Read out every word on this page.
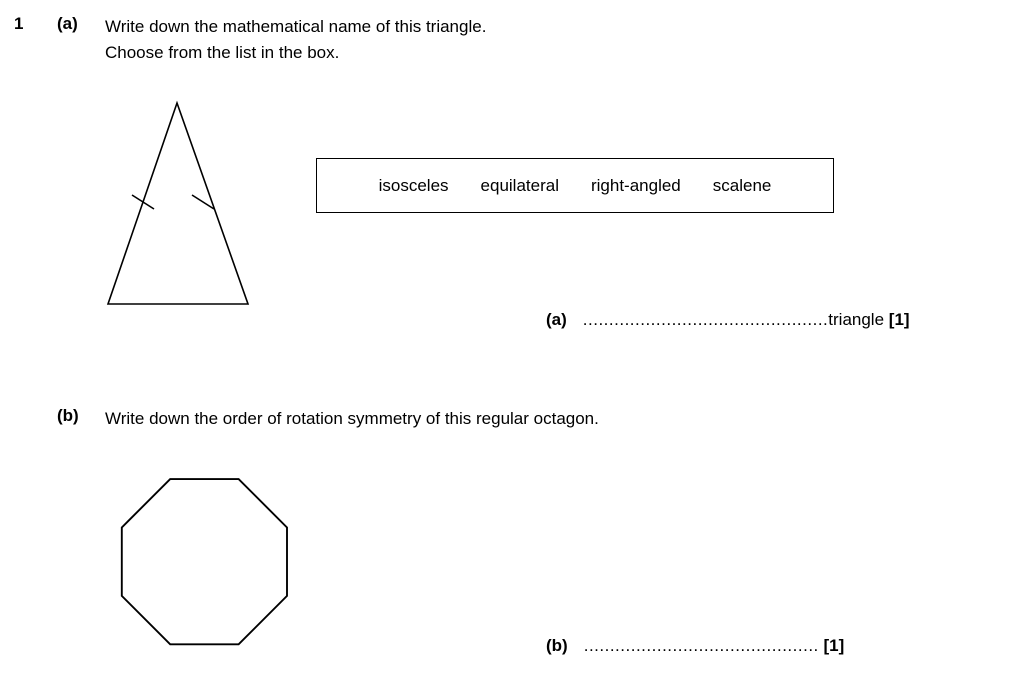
1 (a) Write down the mathematical name of this triangle.
Choose from the list in the box.
isosceles equilateral right-angled scalene
(a) ...............................................triangle [1]
(b) Write down the order of rotation symmetry of this regular octagon.
(b) ............................................. [1]
